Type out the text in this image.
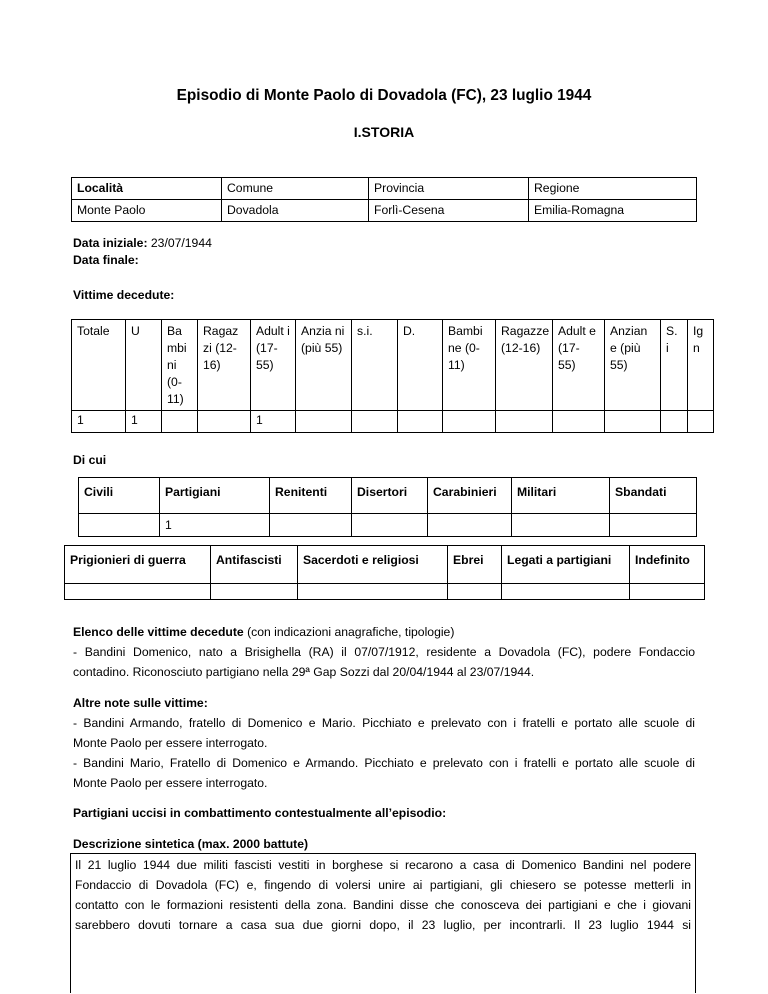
Episodio di Monte Paolo di Dovadola (FC), 23 luglio 1944
I.STORIA
Località	Comune	Provincia	Regione
Monte Paolo	Dovadola	Forlì-Cesena	Emilia-Romagna
Data iniziale: 23/07/1944
Data finale:
Vittime decedute:
Totale	U	Ba mbi ni (0- 11)	Ragaz zi (12- 16)	Adult i (17- 55)	Anzia ni (più 55)	s.i.	D.	Bambi ne (0- 11)	Ragazze (12-16)	Adult e (17- 55)	Anzian e (più 55)	S. i	Ig n
1	1			1									
Di cui
Civili	Partigiani	Renitenti	Disertori	Carabinieri	Militari	Sbandati
	1					
Prigionieri di guerra	Antifascisti	Sacerdoti e religiosi	Ebrei	Legati a partigiani	Indefinito

Elenco delle vittime decedute (con indicazioni anagrafiche, tipologie)
- Bandini Domenico, nato a Brisighella (RA) il 07/07/1912, residente a Dovadola (FC), podere Fondaccio
contadino. Riconosciuto partigiano nella 29ª Gap Sozzi dal 20/04/1944 al 23/07/1944.
Altre note sulle vittime:
- Bandini Armando, fratello di Domenico e Mario. Picchiato e prelevato con i fratelli e portato alle scuole di
Monte Paolo per essere interrogato.
- Bandini Mario, Fratello di Domenico e Armando. Picchiato e prelevato con i fratelli e portato alle scuole di
Monte Paolo per essere interrogato.
Partigiani uccisi in combattimento contestualmente all’episodio:
Descrizione sintetica (max. 2000 battute)
Il 21 luglio 1944 due militi fascisti vestiti in borghese si recarono a casa di Domenico Bandini nel podere
Fondaccio di Dovadola (FC) e, fingendo di volersi unire ai partigiani, gli chiesero se potesse metterli in
contatto con le formazioni resistenti della zona. Bandini disse che conosceva dei partigiani e che i giovani
sarebbero dovuti tornare a casa sua due giorni dopo, il 23 luglio, per incontrarli. Il 23 luglio 1944 si
